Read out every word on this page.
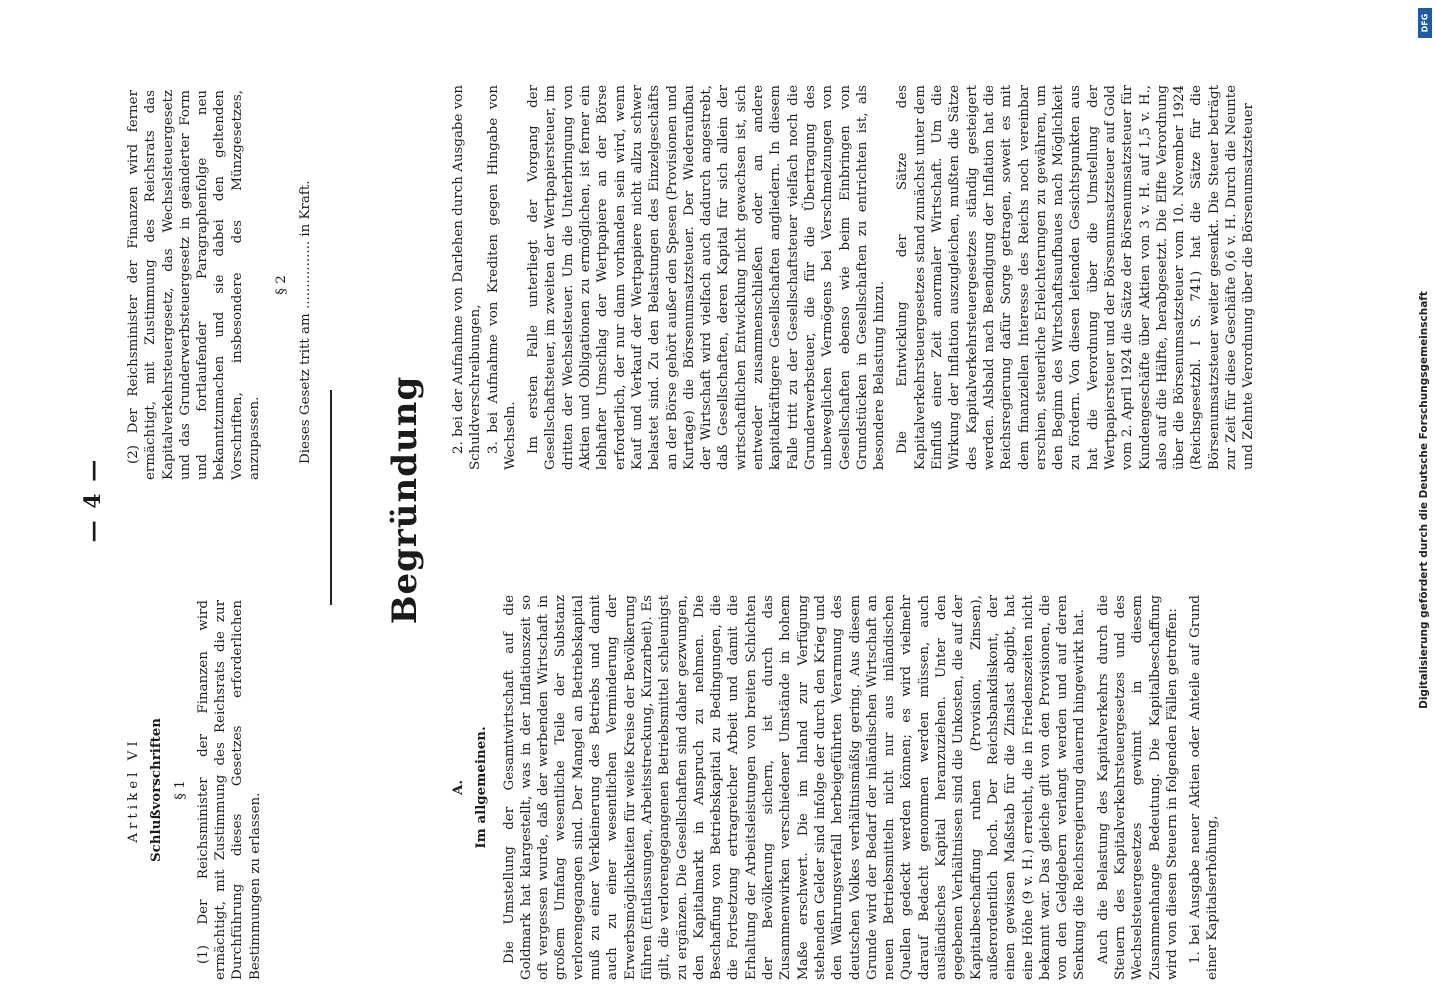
— 4 —

Artikel VI Schlußvorschriften § 1 (1) Der Reichsminister der Finanzen wird ermächtigt, mit Zustimmung des Reichsrats die zur Durchführung dieses Gesetzes erforderlichen Bestimmungen zu erlassen.

(2) Der Reichsminister der Finanzen wird ferner ermächtigt, mit Zustimmung des Reichsrats das Kapitalverkehrsteuergesetz, das Wechselsteuergesetz und das Grunderwerbsteuergesetz in geänderter Form und fortlaufender Paragraphenfolge neu bekanntzumachen und sie dabei den geltenden Vorschriften, insbesondere des Münzgesetzes, anzupassen.

§ 2 Dieses Gesetz tritt am ................ in Kraft.

Begründung

A. Im allgemeinen. Die Umstellung der Gesamtwirtschaft auf die Goldmark hat klargestellt, was in der Inflationszeit so oft vergessen wurde, daß der werbenden Wirtschaft in großem Umfang wesentliche Teile der Substanz verlorengegangen sind. Der Mangel an Betriebskapital muß zu einer Verkleinerung des Betriebs und damit auch zu einer wesentlichen Verminderung der Erwerbsmöglichkeiten für weite Kreise der Bevölkerung führen (Entlassungen, Arbeitsstreckung, Kurzarbeit). Es gilt, die verlorengegangenen Betriebsmittel schleunigst zu ergänzen. Die Gesellschaften sind daher gezwungen, den Kapitalmarkt in Anspruch zu nehmen. Die Beschaffung von Betriebskapital zu Bedingungen, die die Fortsetzung ertragreicher Arbeit und damit die Erhaltung der Arbeitsleistungen von breiten Schichten der Bevölkerung sichern, ist durch das Zusammenwirken verschiedener Umstände in hohem Maße erschwert. Die im Inland zur Verfügung stehenden Gelder sind infolge der durch den Krieg und den Währungsverfall herbeigeführten Verarmung des deutschen Volkes verhältnismäßig gering. Aus diesem Grunde wird der Bedarf der inländischen Wirtschaft an neuen Betriebsmitteln nicht nur aus inländischen Quellen gedeckt werden können; es wird vielmehr darauf Bedacht genommen werden müssen, auch ausländisches Kapital heranzuziehen. Unter den gegebenen Verhältnissen sind die Unkosten, die auf der Kapitalbeschaffung ruhen (Provision, Zinsen), außerordentlich hoch. Der Reichsbankdiskont, der einen gewissen Maßstab für die Zinslast abgibt, hat eine Höhe (9 v. H.) erreicht, die in Friedenszeiten nicht bekannt war. Das gleiche gilt von den Provisionen, die von den Geldgebern verlangt werden und auf deren Senkung die Reichsregierung dauernd hingewirkt hat. Auch die Belastung des Kapitalverkehrs durch die Steuern des Kapitalverkehrsteuergesetzes und des Wechselsteuergesetzes gewinnt in diesem Zusammenhange Bedeutung. Die Kapitalbeschaffung wird von diesen Steuern in folgenden Fällen getroffen: 1. bei Ausgabe neuer Aktien oder Anteile auf Grund einer Kapitalserhöhung,

2. bei der Aufnahme von Darlehen durch Ausgabe von Schuldverschreibungen, 3. bei Aufnahme von Krediten gegen Hingabe von Wechseln. Im ersten Falle unterliegt der Vorgang der Gesellschaftsteuer, im zweiten der Wertpapiersteuer, im dritten der Wechselsteuer. Um die Unterbringung von Aktien und Obligationen zu ermöglichen, ist ferner ein lebhafter Umschlag der Wertpapiere an der Börse erforderlich, der nur dann vorhanden sein wird, wenn Kauf und Verkauf der Wertpapiere nicht allzu schwer belastet sind. Zu den Belastungen des Einzelgeschäfts an der Börse gehört außer den Spesen (Provisionen und Kurtage) die Börsenumsatzsteuer. Der Wiederaufbau der Wirtschaft wird vielfach auch dadurch angestrebt, daß Gesellschaften, deren Kapital für sich allein der wirtschaftlichen Entwicklung nicht gewachsen ist, sich entweder zusammenschließen oder an andere kapitalkräftigere Gesellschaften angliedern. In diesem Falle tritt zu der Gesellschaftsteuer vielfach noch die Grunderwerbsteuer, die für die Übertragung des unbeweglichen Vermögens bei Verschmelzungen von Gesellschaften ebenso wie beim Einbringen von Grundstücken in Gesellschaften zu entrichten ist, als besondere Belastung hinzu. Die Entwicklung der Sätze des Kapitalverkehrsteuergesetzes stand zunächst unter dem Einfluß einer Zeit anormaler Wirtschaft. Um die Wirkung der Inflation auszugleichen, mußten die Sätze des Kapitalverkehrsteuergesetzes ständig gesteigert werden. Alsbald nach Beendigung der Inflation hat die Reichsregierung dafür Sorge getragen, soweit es mit dem finanziellen Interesse des Reichs noch vereinbar erschien, steuerliche Erleichterungen zu gewähren, um den Beginn des Wirtschaftsaufbaues nach Möglichkeit zu fördern. Von diesen leitenden Gesichtspunkten aus hat die Verordnung über die Umstellung der Wertpapiersteuer und der Börsenumsatzsteuer auf Gold vom 2. April 1924 die Sätze der Börsenumsatzsteuer für Kundengeschäfte über Aktien von 3 v. H. auf 1,5 v. H., also auf die Hälfte, herabgesetzt. Die Elfte Verordnung über die Börsenumsatzsteuer vom 10. November 1924 (Reichsgesetzbl. I S. 741) hat die Sätze für die Börsenumsatzsteuer weiter gesenkt. Die Steuer beträgt zur Zeit für diese Geschäfte 0,6 v. H. Durch die Neunte und Zehnte Verordnung über die Börsenumsatzsteuer

DFG
Digitalisierung gefördert durch die Deutsche Forschungsgemeinschaft
